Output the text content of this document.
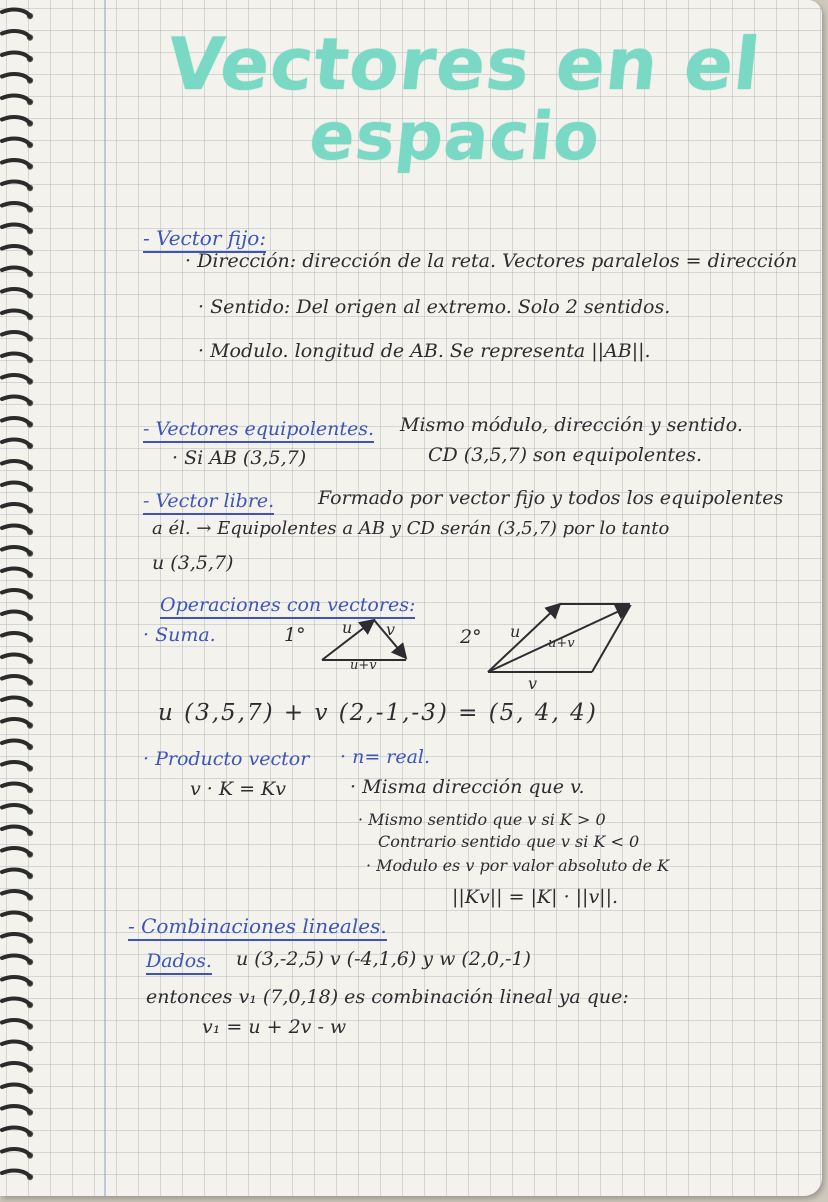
Vectores en el
espacio
- Vector fijo:
· Dirección: dirección de la reta. Vectores paralelos = dirección
· Sentido: Del origen al extremo. Solo 2 sentidos.
· Modulo. longitud de AB. Se representa ||AB||.
- Vectores equipolentes. Mismo módulo, dirección y sentido.
· Si AB (3,5,7)	CD (3,5,7) son equipolentes.
- Vector libre. Formado por vector fijo y todos los equipolentes
a él. → Equipolentes a AB y CD serán (3,5,7) por lo tanto
u (3,5,7)
Operaciones con vectores:
· Suma.	1°	2°
u v
u+v
u
v
u+v
u (3,5,7) + v (2,-1,-3) = (5, 4, 4)
· Producto vector · n= real.
v · K = Kv	· Misma dirección que v.
· Mismo sentido que v si K > 0
Contrario sentido que v si K < 0
· Modulo es v por valor absoluto de K
||Kv|| = |K| · ||v||.
- Combinaciones lineales.
Dados. u (3,-2,5) v (-4,1,6) y w (2,0,-1)
entonces v₁ (7,0,18) es combinación lineal ya que:
v₁ = u + 2v - w
